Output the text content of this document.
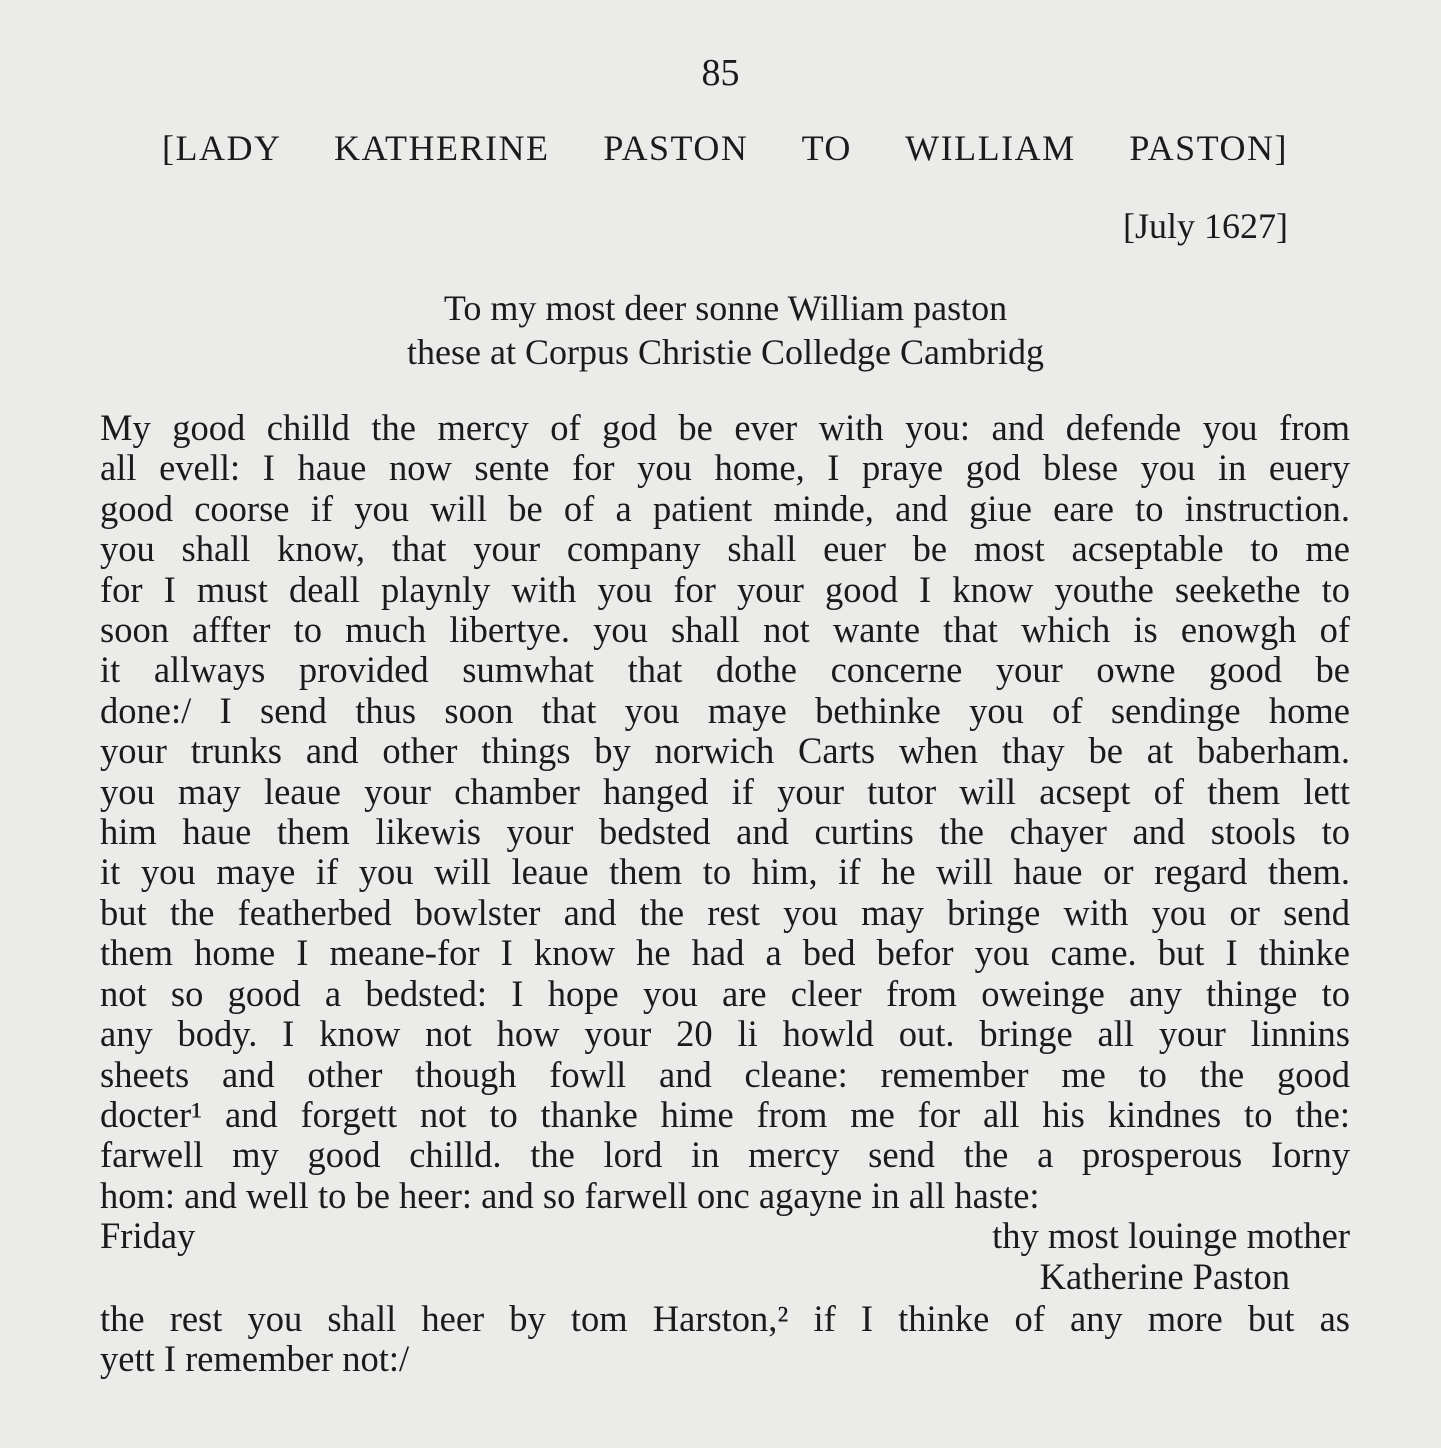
85
[LADY KATHERINE PASTON TO WILLIAM PASTON]
[July 1627]
To my most deer sonne William paston
these at Corpus Christie Colledge Cambridg
My good chilld the mercy of god be ever with you: and defende you from
all evell: I haue now sente for you home, I praye god blese you in euery
good coorse if you will be of a patient minde, and giue eare to instruction.
you shall know, that your company shall euer be most acseptable to me
for I must deall playnly with you for your good I know youthe seekethe to
soon affter to much libertye. you shall not wante that which is enowgh of
it allways provided sumwhat that dothe concerne your owne good be
done:/ I send thus soon that you maye bethinke you of sendinge home
your trunks and other things by norwich Carts when thay be at baberham.
you may leaue your chamber hanged if your tutor will acsept of them lett
him haue them likewis your bedsted and curtins the chayer and stools to
it you maye if you will leaue them to him, if he will haue or regard them.
but the featherbed bowlster and the rest you may bringe with you or send
them home I meane-for I know he had a bed befor you came. but I thinke
not so good a bedsted: I hope you are cleer from oweinge any thinge to
any body. I know not how your 20 li howld out. bringe all your linnins
sheets and other though fowll and cleane: remember me to the good
docter¹ and forgett not to thanke hime from me for all his kindnes to the:
farwell my good chilld. the lord in mercy send the a prosperous Iorny
hom: and well to be heer: and so farwell onc agayne in all haste:
Friday	thy most louinge mother
Katherine Paston
the rest you shall heer by tom Harston,² if I thinke of any more but as
yett I remember not:/
